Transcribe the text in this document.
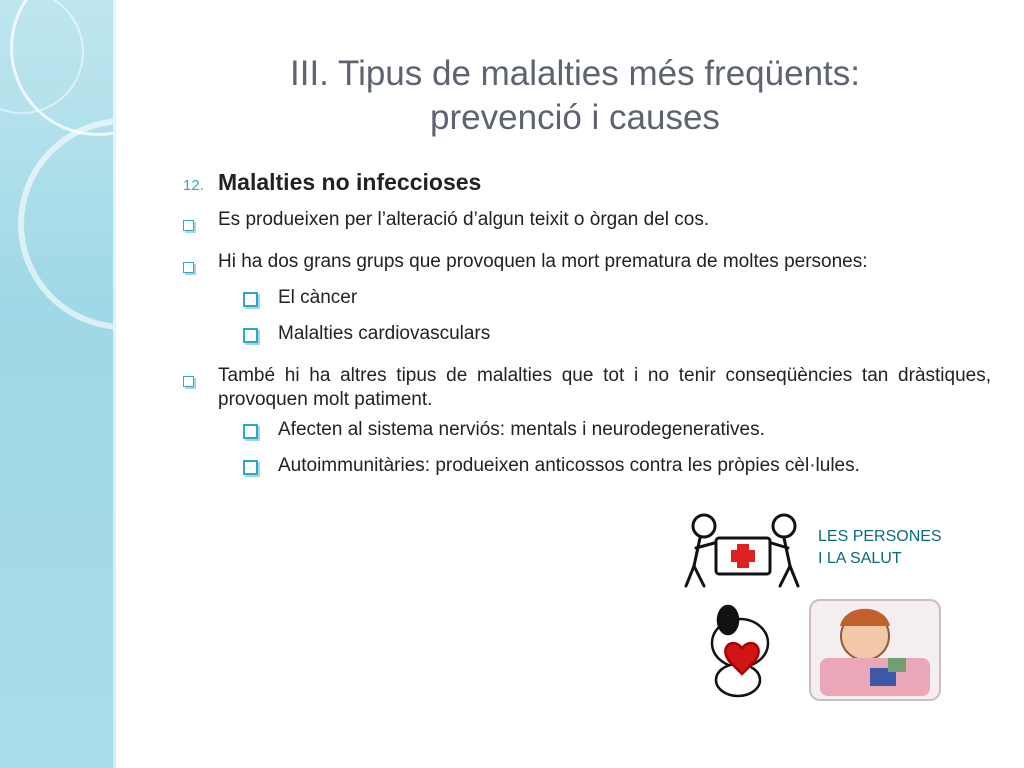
III. Tipus de malalties més freqüents:
prevenció i causes
12. Malalties no infeccioses
Es produeixen per l’alteració d’algun teixit o òrgan del cos.
Hi ha dos grans grups que provoquen la mort prematura de moltes persones:
El càncer
Malalties cardiovasculars
També hi ha altres tipus de malalties que tot i no tenir conseqüències tan dràstiques, provoquen molt patiment.
Afecten al sistema nerviós: mentals i neurodegeneratives.
Autoimmunitàries: produeixen anticossos contra les pròpies cèl·lules.
LES PERSONES
I LA SALUT
